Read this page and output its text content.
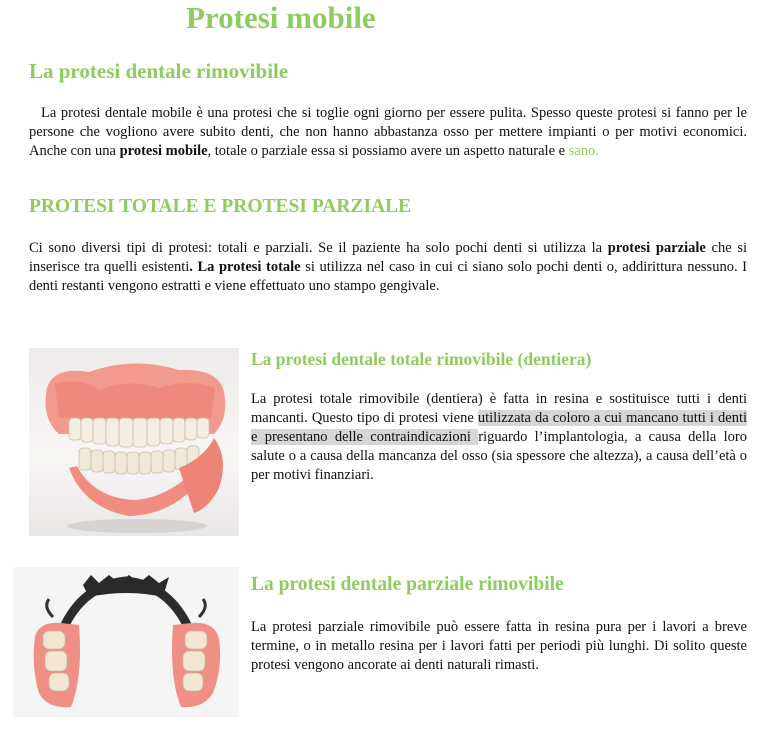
Protesi mobile
La protesi dentale rimovibile

La protesi dentale mobile è una protesi che si toglie ogni giorno per essere pulita. Spesso queste protesi si fanno per le persone che vogliono avere subito denti, che non hanno abbastanza osso per mettere impianti o per motivi economici. Anche con una protesi mobile, totale o parziale essa si possiamo avere un aspetto naturale e sano.

PROTESI TOTALE E PROTESI PARZIALE

Ci sono diversi tipi di protesi: totali e parziali. Se il paziente ha solo pochi denti si utilizza la protesi parziale che si inserisce tra quelli esistenti. La protesi totale si utilizza nel caso in cui ci siano solo pochi denti o, addirittura nessuno. I denti restanti vengono estratti e viene effettuato uno stampo gengivale.

La protesi dentale totale rimovibile (dentiera)

La protesi totale rimovibile (dentiera) è fatta in resina e sostituisce tutti i denti mancanti. Questo tipo di protesi viene utilizzata da coloro a cui mancano tutti i denti e presentano delle contraindicazioni riguardo l’implantologia, a causa della loro salute o a causa della mancanza del osso (sia spessore che altezza), a causa dell’età o per motivi finanziari.

La protesi dentale parziale rimovibile

La protesi parziale rimovibile può essere fatta in resina pura per i lavori a breve termine, o in metallo resina per i lavori fatti per periodi più lunghi. Di solito queste protesi vengono ancorate ai denti naturali rimasti.
